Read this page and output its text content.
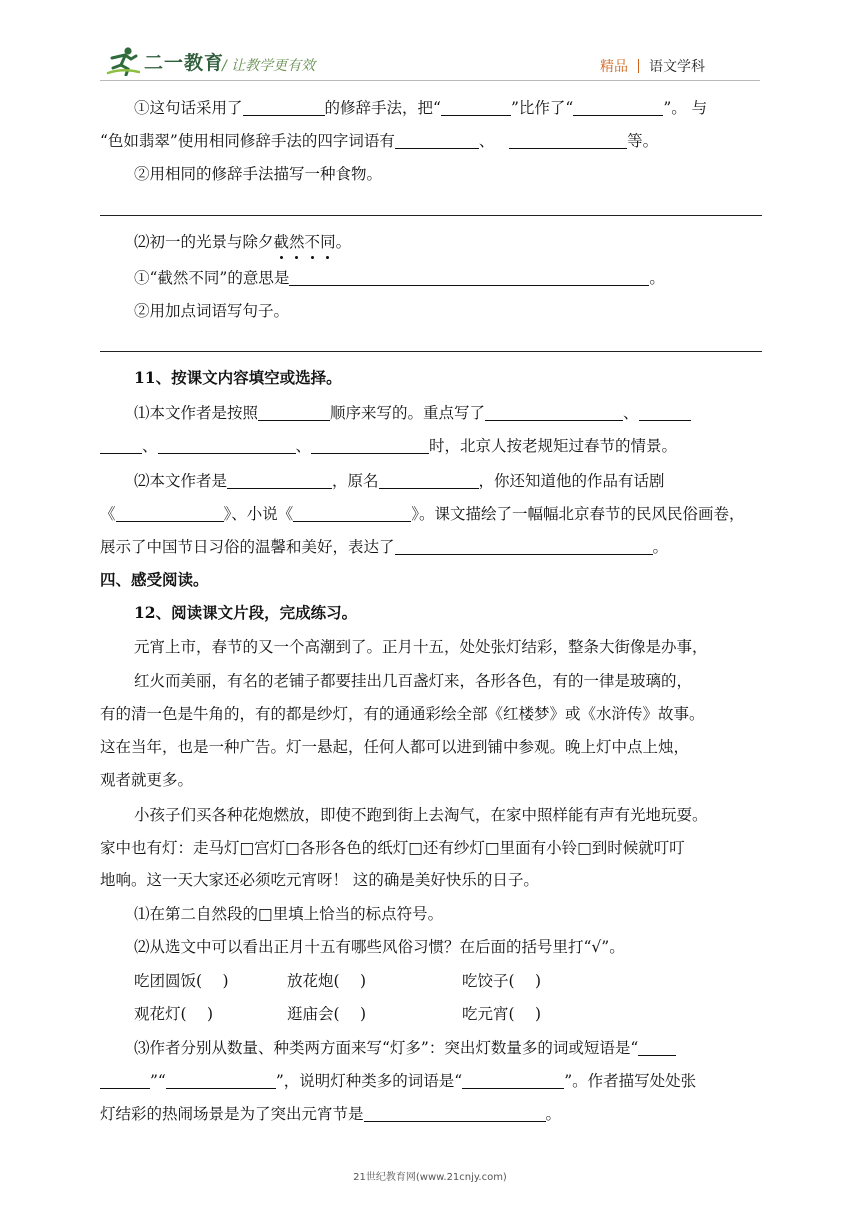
二一教育
/ 让教学更有效	精品 语文学科
①这句话采用了	的修辞手法，把“	”比作了“	”。 与
“色如翡翠”使用相同修辞手法的四字词语有	、	等。
②用相同的修辞手法描写一种食物。
⑵初一的光景与除夕截然不同。
①“截然不同”的意思是	。
②用加点词语写句子。
11、按课文内容填空或选择。
⑴本文作者是按照	顺序来写的。重点写了	、
、	、	时，北京人按老规矩过春节的情景。
⑵本文作者是	，原名	，你还知道他的作品有话剧
《	》、小说《	》。课文描绘了一幅幅北京春节的民风民俗画卷，
展示了中国节日习俗的温馨和美好，表达了	。
四、感受阅读。
12、阅读课文片段，完成练习。
元宵上市，春节的又一个高潮到了。正月十五，处处张灯结彩，整条大街像是办事，
红火而美丽，有名的老铺子都要挂出几百盏灯来，各形各色，有的一律是玻璃的，
有的清一色是牛角的，有的都是纱灯，有的通通彩绘全部《红楼梦》或《水浒传》故事。
这在当年，也是一种广告。灯一悬起，任何人都可以进到铺中参观。晚上灯中点上烛，
观者就更多。
小孩子们买各种花炮燃放，即使不跑到街上去淘气，在家中照样能有声有光地玩耍。
家中也有灯：走马灯□宫灯□各形各色的纸灯□还有纱灯□里面有小铃□到时候就叮叮
地响。这一天大家还必须吃元宵呀！ 这的确是美好快乐的日子。
⑴在第二自然段的□里填上恰当的标点符号。
⑵从选文中可以看出正月十五有哪些风俗习惯？在后面的括号里打“√”。
吃团圆饭(　 )	放花炮(　 )	吃饺子(　 )
观花灯(　 )	逛庙会(　 )	吃元宵(　 )
⑶作者分别从数量、种类两方面来写“灯多”：突出灯数量多的词或短语是“
”“	”，说明灯种类多的词语是“	”。作者描写处处张
灯结彩的热闹场景是为了突出元宵节是	。
21世纪教育网(www.21cnjy.com)
